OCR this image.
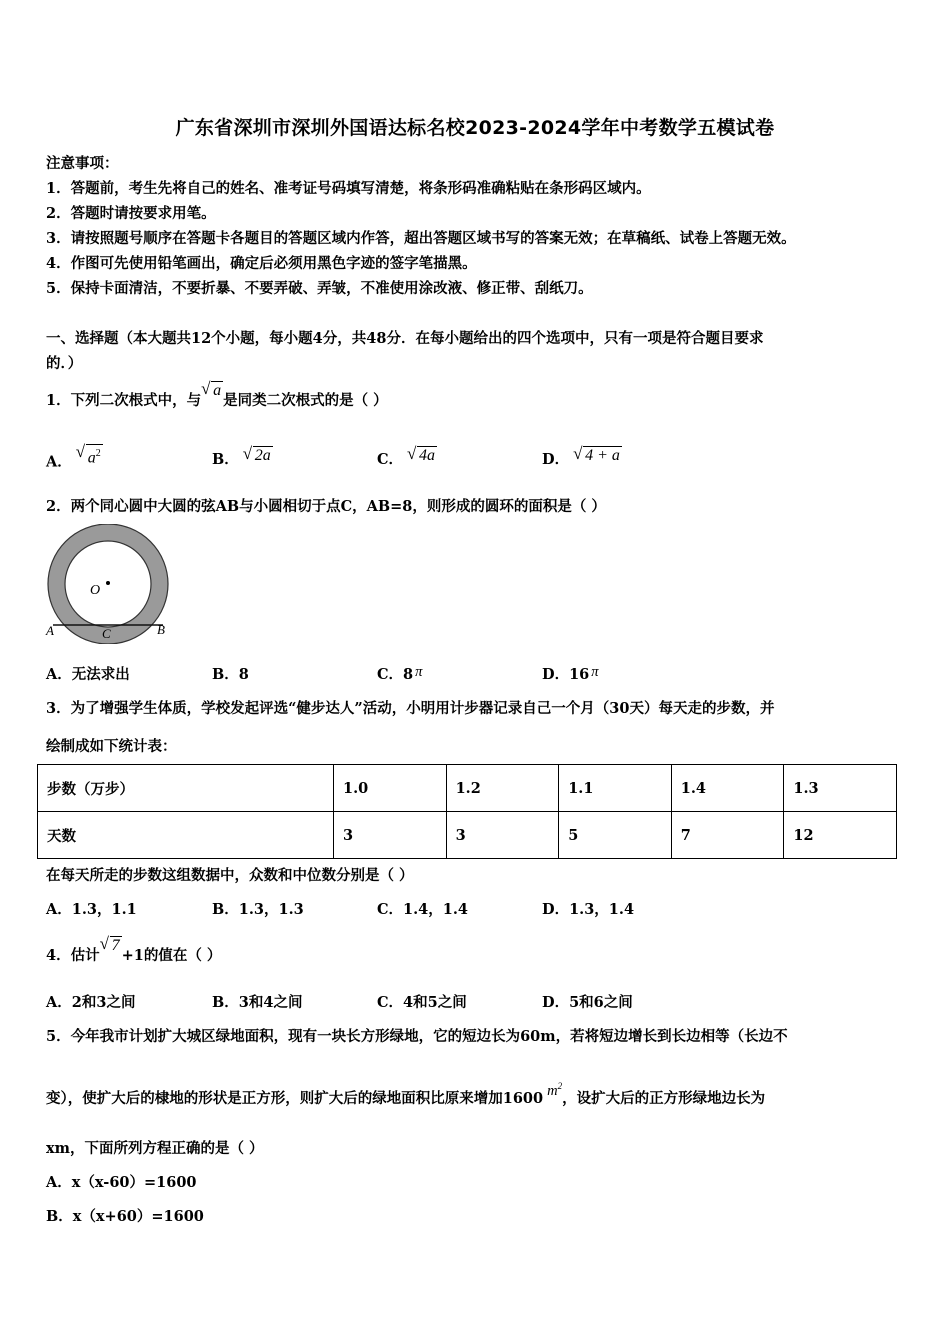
广东省深圳市深圳外国语达标名校2023-2024学年中考数学五模试卷
注意事项：
1．答题前，考生先将自己的姓名、准考证号码填写清楚，将条形码准确粘贴在条形码区域内。
2．答题时请按要求用笔。
3．请按照题号顺序在答题卡各题目的答题区域内作答，超出答题区域书写的答案无效；在草稿纸、试卷上答题无效。
4．作图可先使用铅笔画出，确定后必须用黑色字迹的签字笔描黑。
5．保持卡面清洁，不要折暴、不要弄破、弄皱，不准使用涂改液、修正带、刮纸刀。
一、选择题（本大题共12个小题，每小题4分，共48分．在每小题给出的四个选项中，只有一项是符合题目要求
的．）
1．下列二次根式中，与
√ a是同类二次根式的是（ ）
A．
√ $a^2$	B． √ 2a	C． √ 4a	D． √ 4 + a
2．两个同心圆中大圆的弦AB与小圆相切于点C，AB=8，则形成的圆环的面积是（ ）
O
A	B
C
A．无法求出	B．8	C．8 π	D．16 π
3．为了增强学生体质，学校发起评选“健步达人”活动，小明用计步器记录自己一个月（30天）每天走的步数，并
绘制成如下统计表：
步数（万步）	1.0	1.2	1.1	1.4	1.3
天数	3	3	5	7	12
在每天所走的步数这组数据中，众数和中位数分别是（ ）
A．1.3，1.1	B．1.3，1.3	C．1.4，1.4	D．1.3，1.4
4．估计
√ 7+1的值在（ ）
A．2和3之间	B．3和4之间	C．4和5之间	D．5和6之间
5．今年我市计划扩大城区绿地面积，现有一块长方形绿地，它的短边长为60m，若将短边增长到长边相等（长边不
变），使扩大后的棣地的形状是正方形，则扩大后的绿地面积比原来增加1600 $m^2$，设扩大后的正方形绿地边长为
xm，下面所列方程正确的是（ ）
A．x（x-60）=1600
B．x（x+60）=1600
